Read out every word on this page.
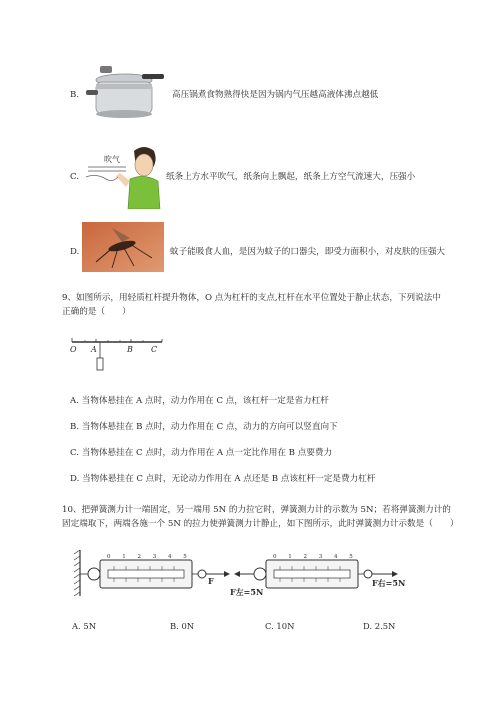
B.	高压锅煮食物熟得快是因为锅内气压越高液体沸点越低
C.
吹气
纸条上方水平吹气，纸条向上飘起，纸条上方空气流速大，压强小
D.	蚊子能吸食人血，是因为蚊子的口器尖，即受力面积小，对皮肤的压强大
9、如图所示，用轻质杠杆提升物体，O 点为杠杆的支点,杠杆在水平位置处于静止状态，下列说法中
正确的是（　　）
O A	B C
A. 当物体悬挂在 A 点时，动力作用在 C 点，该杠杆一定是省力杠杆
B. 当物体悬挂在 B 点时，动力作用在 C 点，动力的方向可以竖直向下
C. 当物体悬挂在 C 点时，动力作用在 A 点一定比作用在 B 点要费力
D. 当物体悬挂在 C 点时，无论动力作用在 A 点还是 B 点该杠杆一定是费力杠杆
10、把弹簧测力计一端固定，另一端用 5N 的力拉它时，弹簧测力计的示数为 5N；若将弹簧测力计的
固定端取下，两端各施一个 5N 的拉力使弹簧测力计静止，如下图所示，此时弹簧测力计示数是（　　）
0 1 2 3 4 5	0 1 2 3 4 5
F
F左=5N
F右=5N
A. 5N	B. 0N	C. 10N	D. 2.5N
